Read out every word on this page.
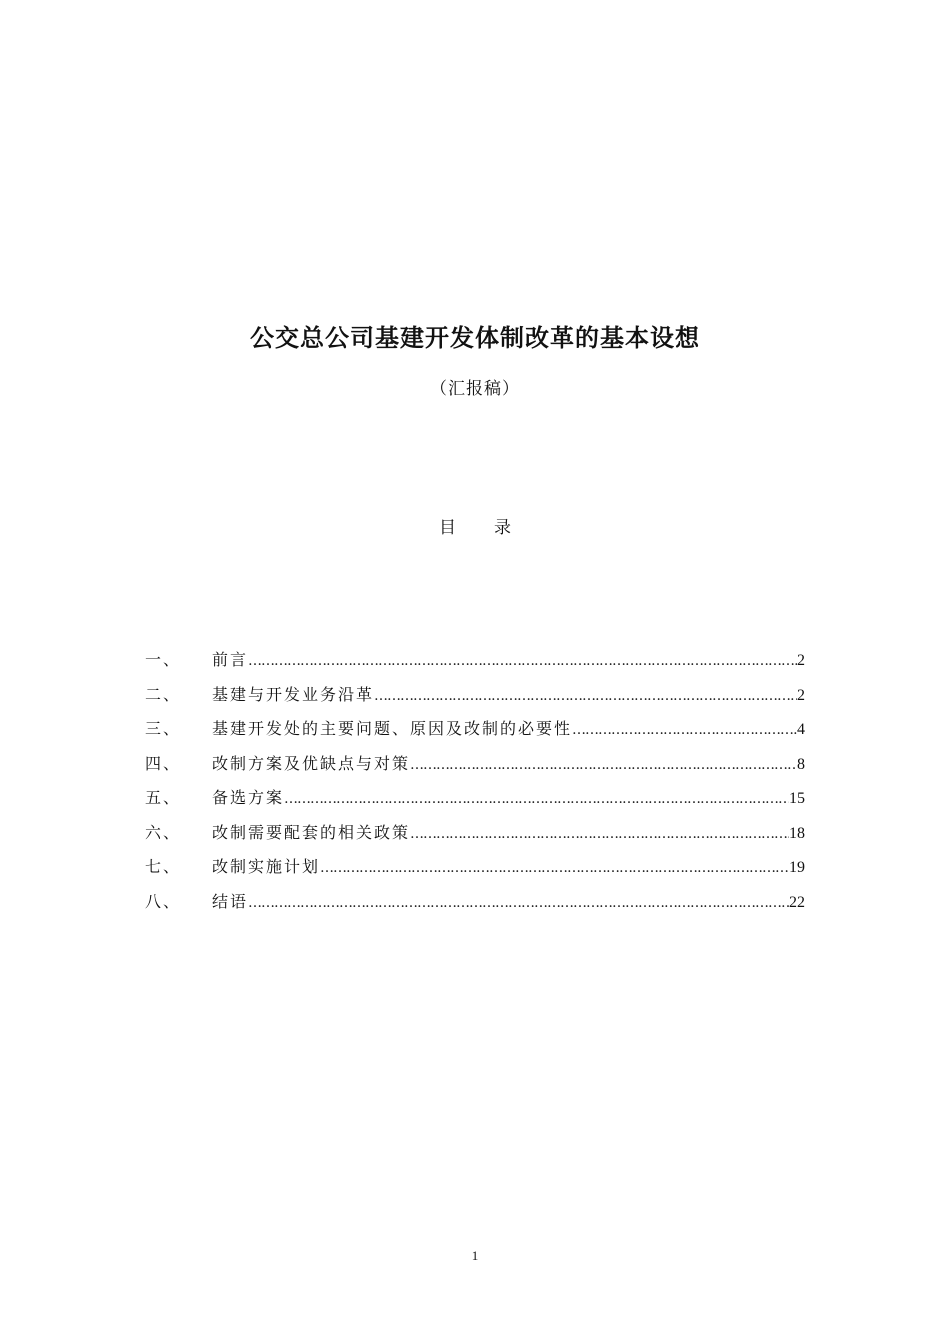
公交总公司基建开发体制改革的基本设想
（汇报稿）
目录
一、	前言 …………………………………………………………………………………………………………………………………………………………………………	2
二、	基建与开发业务沿革 …………………………………………………………………………………………………………………………………………………………………………	2
三、	基建开发处的主要问题、原因及改制的必要性 …………………………………………………………………………………………………………………………………………………………………………	4
四、	改制方案及优缺点与对策 …………………………………………………………………………………………………………………………………………………………………………	8
五、	备选方案 …………………………………………………………………………………………………………………………………………………………………………	15
六、	改制需要配套的相关政策 …………………………………………………………………………………………………………………………………………………………………………	18
七、	改制实施计划 …………………………………………………………………………………………………………………………………………………………………………	19
八、	结语 …………………………………………………………………………………………………………………………………………………………………………	22
1
